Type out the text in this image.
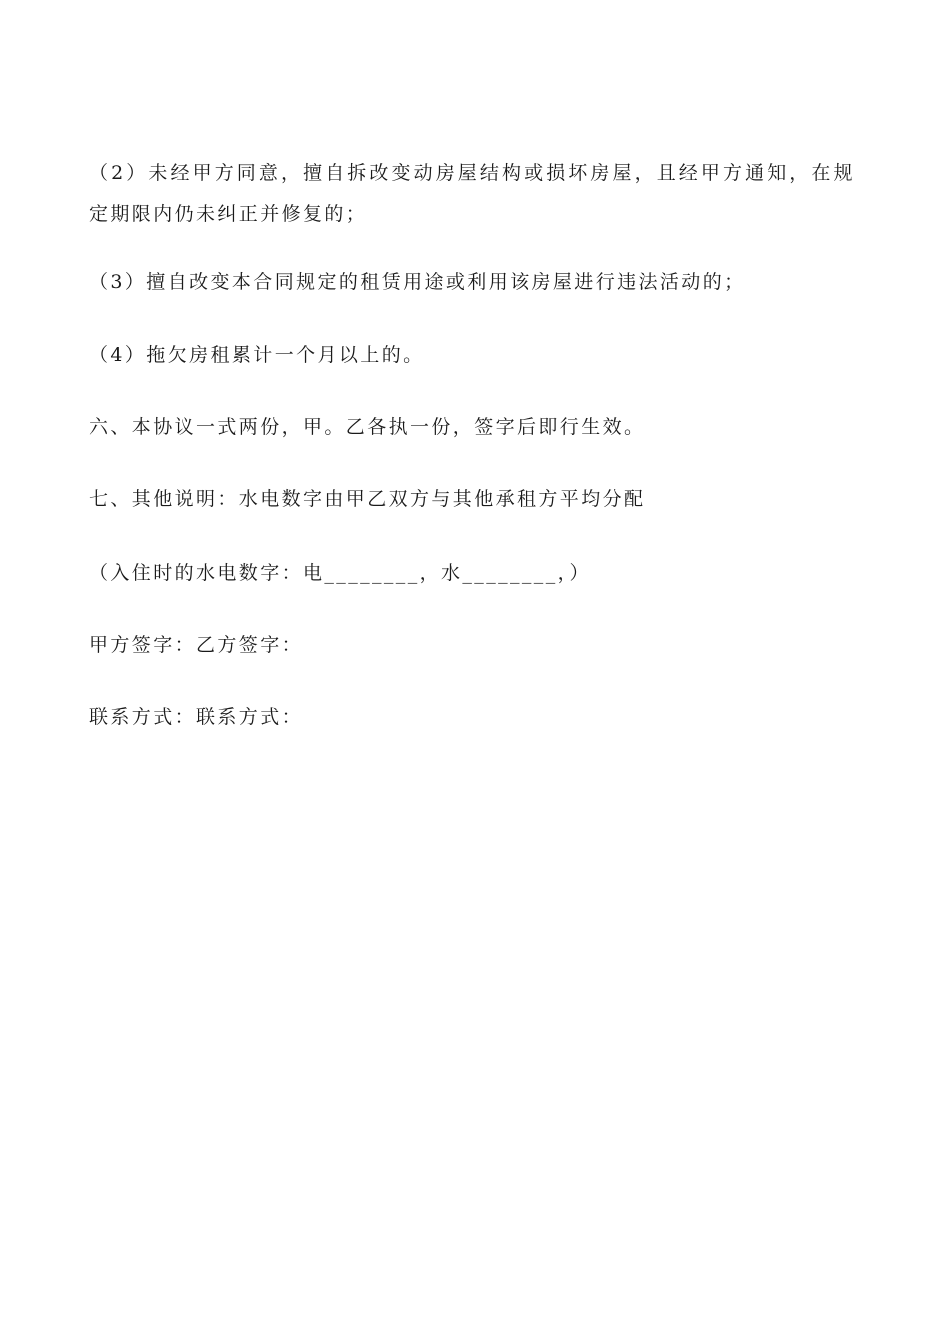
（2）未经甲方同意，擅自拆改变动房屋结构或损坏房屋，且经甲方通知，在规
定期限内仍未纠正并修复的；
（3）擅自改变本合同规定的租赁用途或利用该房屋进行违法活动的；
（4）拖欠房租累计一个月以上的。
六、本协议一式两份，甲。乙各执一份，签字后即行生效。
七、其他说明：水电数字由甲乙双方与其他承租方平均分配
（入住时的水电数字：电________，水________，）
甲方签字：乙方签字：
联系方式：联系方式：
